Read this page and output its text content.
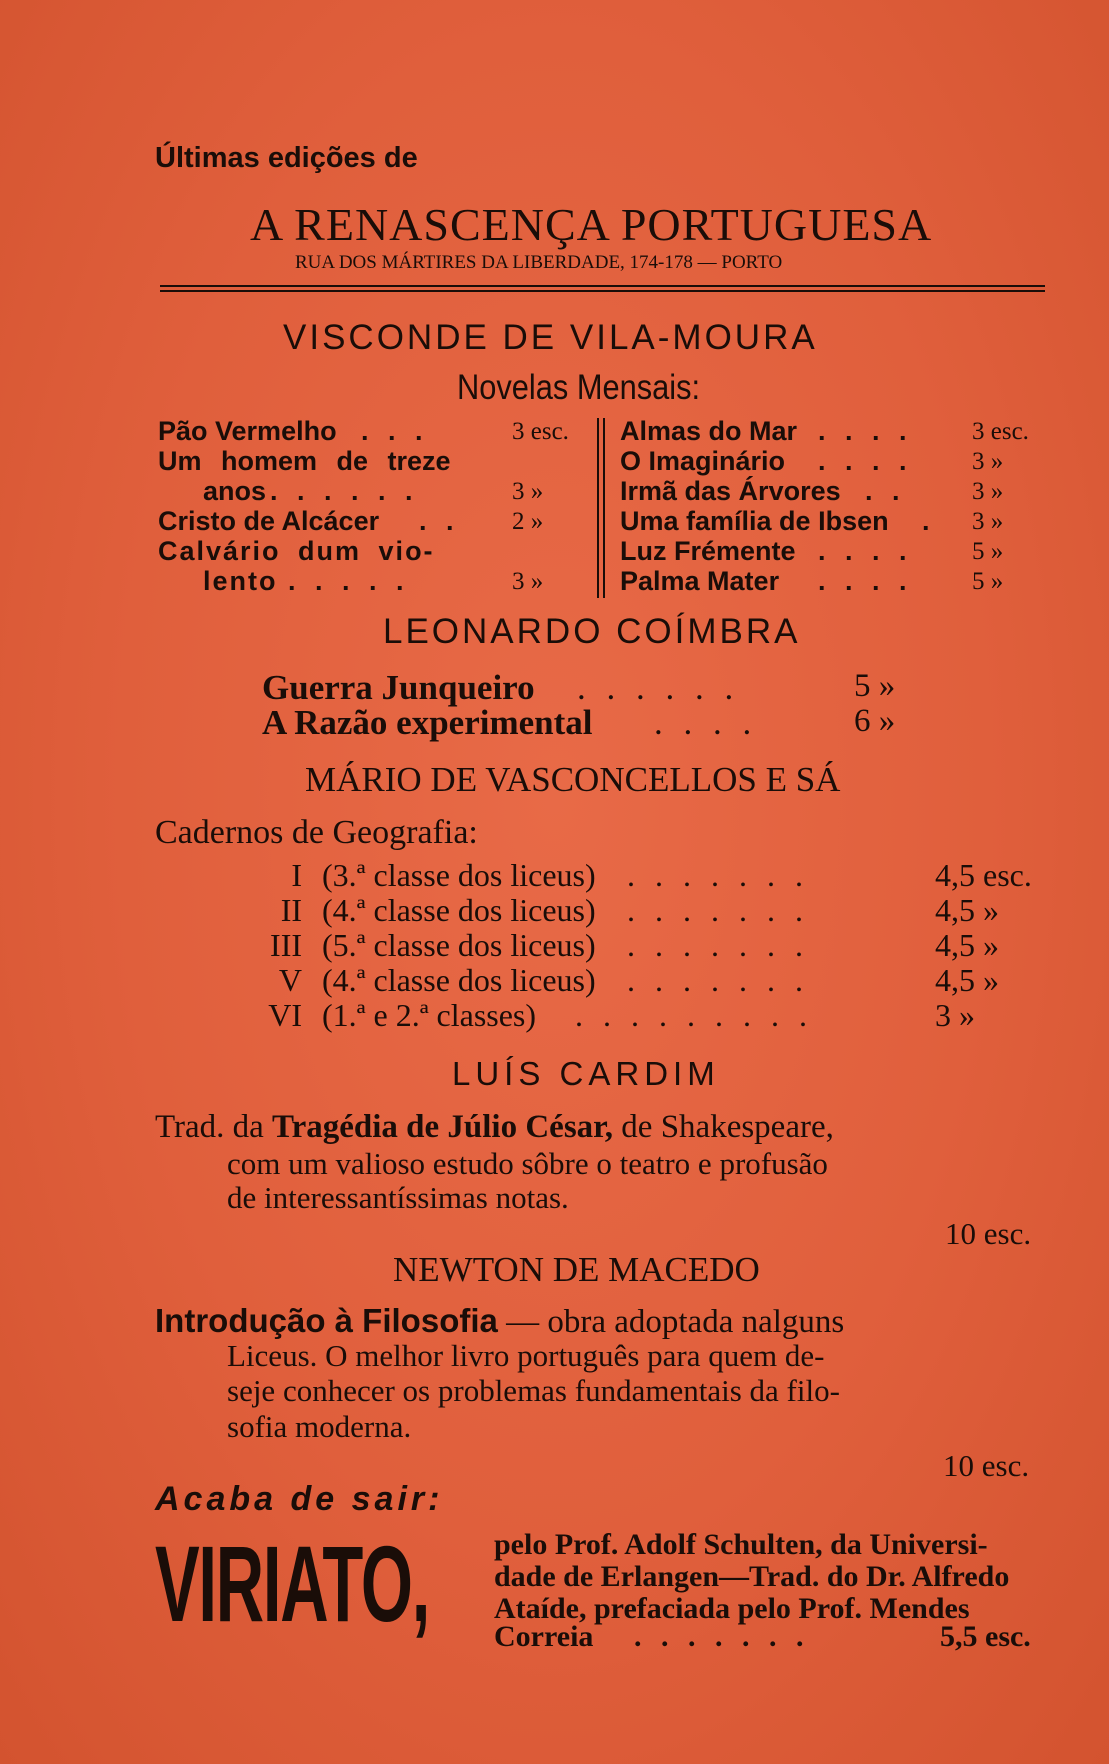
Últimas edições de
A RENASCENÇA PORTUGUESA
RUA DOS MÁRTIRES DA LIBERDADE, 174-178 — PORTO
VISCONDE DE VILA-MOURA
Novelas Mensais:
Pão Vermelho . . .	3 esc.
Um homem de treze
anos . . . . . .	3 »
Cristo de Alcácer . . 2 »
Calvário dum vio-
lento . . . . .	3 »
Almas do Mar . . . . 3 esc.
O Imaginário . . . . 3 »
Irmã das Árvores . .	3 »
Uma família de Ibsen . 3 »
Luz Frémente . . . . 5 »
Palma Mater . . . . 5 »
LEONARDO COÍMBRA
Guerra Junqueiro . . . . . .	5 »
A Razão experimental . . . .	6 »
MÁRIO DE VASCONCELLOS E SÁ
Cadernos de Geografia:
I (3.ª classe dos liceus) . . . . . . .	4,5 esc.
II (4.ª classe dos liceus) . . . . . . .	4,5 »
III (5.ª classe dos liceus) . . . . . . .	4,5 »
V (4.ª classe dos liceus) . . . . . . .	4,5 »
VI (1.ª e 2.ª classes) . . . . . . . . .	3 »
LUÍS CARDIM
Trad. da Tragédia de Júlio César, de Shakespeare,
com um valioso estudo sôbre o teatro e profusão
de interessantíssimas notas.
10 esc.
NEWTON DE MACEDO
Introdução à Filosofia — obra adoptada nalguns
Liceus. O melhor livro português para quem de-
seje conhecer os problemas fundamentais da filo-
sofia moderna.
10 esc.
Acaba de sair:
VIRIATO, pelo Prof. Adolf Schulten, da Universi-
dade de Erlangen—Trad. do Dr. Alfredo
Ataíde, prefaciada pelo Prof. Mendes
Correia . . . . . . .	5,5 esc.
